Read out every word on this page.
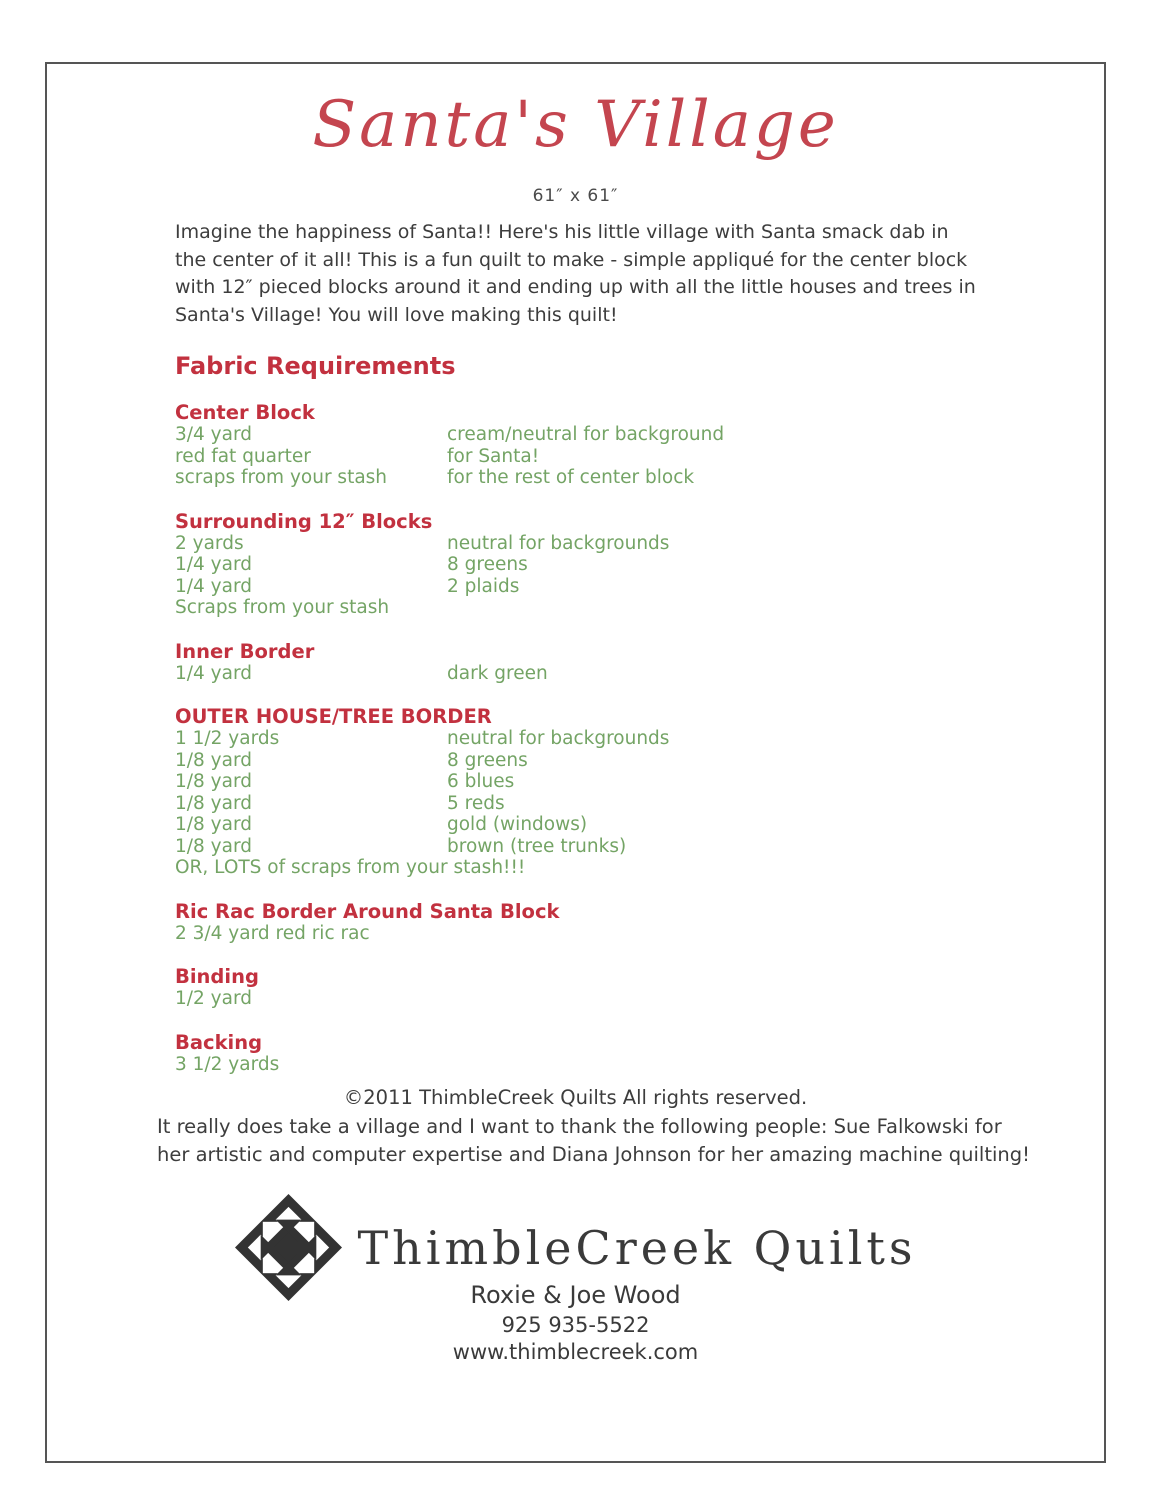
Santa's Village
61″ x 61″

Imagine the happiness of Santa!! Here's his little village with Santa smack dab in the center of it all! This is a fun quilt to make - simple appliqué for the center block with 12″ pieced blocks around it and ending up with all the little houses and trees in Santa's Village! You will love making this quilt!

Fabric Requirements
Center Block
3/4 yard	cream/neutral for background
red fat quarter	for Santa!
scraps from your stash	for the rest of center block
Surrounding 12″ Blocks
2 yards	neutral for backgrounds
1/4 yard	8 greens
1/4 yard	2 plaids
Scraps from your stash
Inner Border
1/4 yard	dark green
OUTER HOUSE/TREE BORDER
1 1/2 yards	neutral for backgrounds
1/8 yard	8 greens
1/8 yard	6 blues
1/8 yard	5 reds
1/8 yard	gold (windows)
1/8 yard	brown (tree trunks)
OR, LOTS of scraps from your stash!!!
Ric Rac Border Around Santa Block
2 3/4 yard red ric rac
Binding
1/2 yard
Backing
3 1/2 yards
©2011 ThimbleCreek Quilts All rights reserved.

It really does take a village and I want to thank the following people: Sue Falkowski for her artistic and computer expertise and Diana Johnson for her amazing machine quilting!

ThimbleCreek Quilts
Roxie & Joe Wood
925 935-5522
www.thimblecreek.com
